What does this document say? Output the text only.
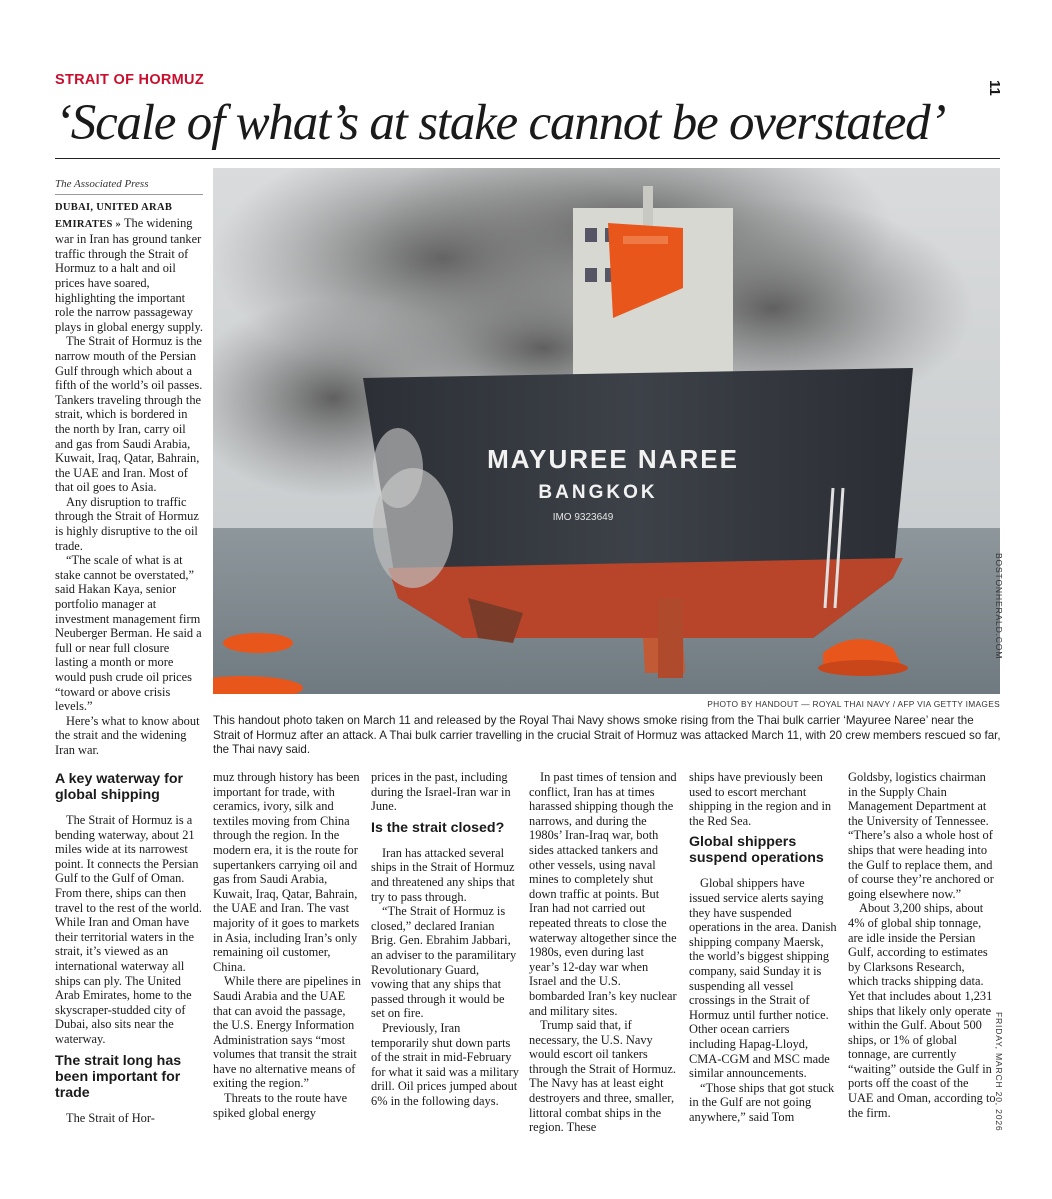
STRAIT OF HORMUZ	11
‘Scale of what’s at stake cannot be overstated’
The Associated Press

DUBAI, UNITED ARAB EMIRATES » The widening war in Iran has ground tanker traffic through the Strait of Hormuz to a halt and oil prices have soared, highlighting the important role the narrow passageway plays in global energy supply.

The Strait of Hormuz is the narrow mouth of the Persian Gulf through which about a fifth of the world’s oil passes. Tankers traveling through the strait, which is bordered in the north by Iran, carry oil and gas from Saudi Arabia, Kuwait, Iraq, Qatar, Bahrain, the UAE and Iran. Most of that oil goes to Asia.

Any disruption to traffic through the Strait of Hormuz is highly disruptive to the oil trade.

“The scale of what is at stake cannot be overstated,” said Hakan Kaya, senior portfolio manager at investment management firm Neuberger Berman. He said a full or near full closure lasting a month or more would push crude oil prices “toward or above crisis levels.”

Here’s what to know about the strait and the widening Iran war.

MAYUREE NAREE
BANGKOK
IMO 9323649
PHOTO BY HANDOUT — ROYAL THAI NAVY / AFP VIA GETTY IMAGES
This handout photo taken on March 11 and released by the Royal Thai Navy shows smoke rising from the Thai bulk carrier ‘Mayuree Naree’ near the Strait of Hormuz after an attack. A Thai bulk carrier travelling in the crucial Strait of Hormuz was attacked March 11, with 20 crew members rescued so far, the Thai navy said.
A key waterway for global shipping

The Strait of Hormuz is a bending waterway, about 21 miles wide at its narrowest point. It connects the Persian Gulf to the Gulf of Oman. From there, ships can then travel to the rest of the world. While Iran and Oman have their territorial waters in the strait, it’s viewed as an international waterway all ships can ply. The United Arab Emirates, home to the skyscraper-studded city of Dubai, also sits near the waterway.

The strait long has been important for trade

The Strait of Hor-

muz through history has been important for trade, with ceramics, ivory, silk and textiles moving from China through the region. In the modern era, it is the route for supertankers carrying oil and gas from Saudi Arabia, Kuwait, Iraq, Qatar, Bahrain, the UAE and Iran. The vast majority of it goes to markets in Asia, including Iran’s only remaining oil customer, China.

While there are pipelines in Saudi Arabia and the UAE that can avoid the passage, the U.S. Energy Information Administration says “most volumes that transit the strait have no alternative means of exiting the region.”

Threats to the route have spiked global energy

prices in the past, including during the Israel-Iran war in June.

Is the strait closed?

Iran has attacked several ships in the Strait of Hormuz and threatened any ships that try to pass through.

“The Strait of Hormuz is closed,” declared Iranian Brig. Gen. Ebrahim Jabbari, an adviser to the paramilitary Revolutionary Guard, vowing that any ships that passed through it would be set on fire.

Previously, Iran temporarily shut down parts of the strait in mid-February for what it said was a military drill. Oil prices jumped about 6% in the following days.

In past times of tension and conflict, Iran has at times harassed shipping though the narrows, and during the 1980s’ Iran-Iraq war, both sides attacked tankers and other vessels, using naval mines to completely shut down traffic at points. But Iran had not carried out repeated threats to close the waterway altogether since the 1980s, even during last year’s 12-day war when Israel and the U.S. bombarded Iran’s key nuclear and military sites.

Trump said that, if necessary, the U.S. Navy would escort oil tankers through the Strait of Hormuz. The Navy has at least eight destroyers and three, smaller, littoral combat ships in the region. These

ships have previously been used to escort merchant shipping in the region and in the Red Sea.

Global shippers suspend operations

Global shippers have issued service alerts saying they have suspended operations in the area. Danish shipping company Maersk, the world’s biggest shipping company, said Sunday it is suspending all vessel crossings in the Strait of Hormuz until further notice. Other ocean carriers including Hapag-Lloyd, CMA-CGM and MSC made similar announcements.

“Those ships that got stuck in the Gulf are not going anywhere,” said Tom

Goldsby, logistics chairman in the Supply Chain Management Department at the University of Tennessee. “There’s also a whole host of ships that were heading into the Gulf to replace them, and of course they’re anchored or going elsewhere now.”

About 3,200 ships, about 4% of global ship tonnage, are idle inside the Persian Gulf, according to estimates by Clarksons Research, which tracks shipping data. Yet that includes about 1,231 ships that likely only operate within the Gulf. About 500 ships, or 1% of global tonnage, are currently “waiting” outside the Gulf in ports off the coast of the UAE and Oman, according to the firm.

BOSTONHERALD.COM
FRIDAY, MARCH 20, 2026
